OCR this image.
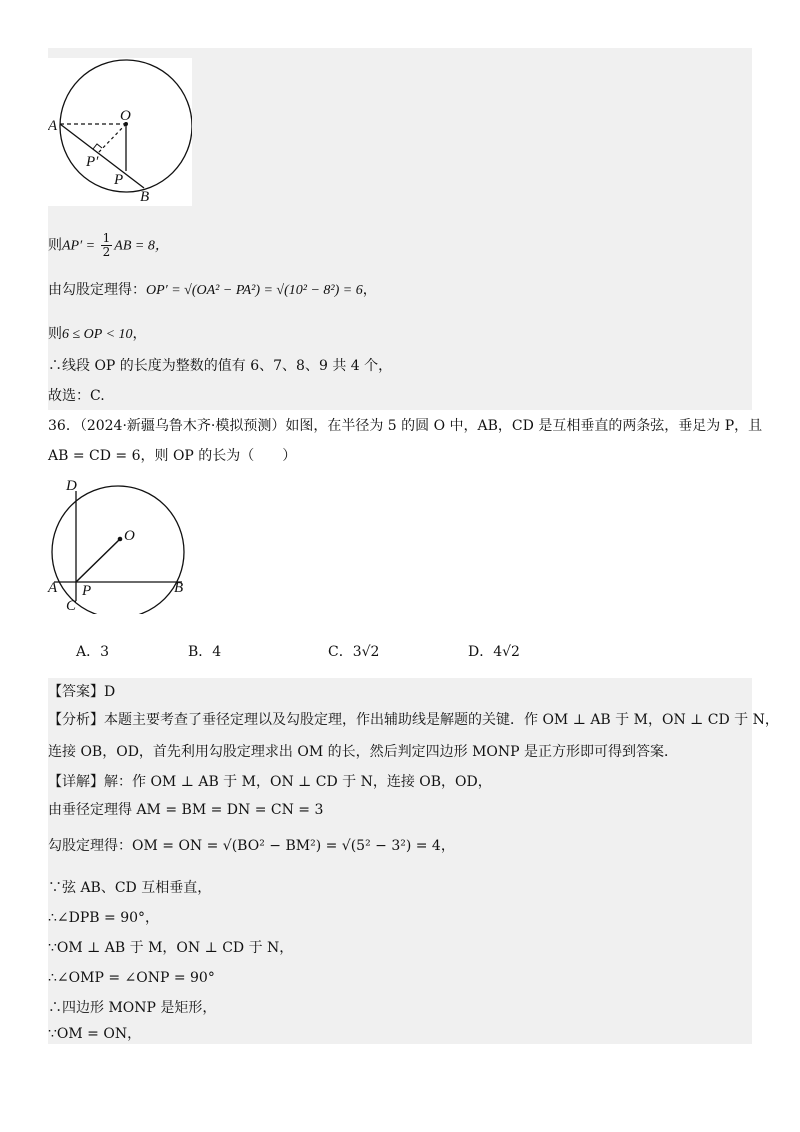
O
A
P′
P
B
则$AP' = \frac{1}{2}$ AB = 8，
由勾股定理得：OP′ = √(OA² − PA²) = √(10² − 8²) = 6，
则6 ≤ OP < 10，
∴线段 OP 的长度为整数的值有 6、7、8、9 共 4 个，
故选：C.
36．（2024·新疆乌鲁木齐·模拟预测）如图，在半径为 5 的圆 O 中，AB，CD 是互相垂直的两条弦，垂足为 P，且
AB = CD = 6，则 OP 的长为（　　）
D
O
A P	B
C
A．3	B．4	C．3√2	D．4√2
【答案】D
【分析】本题主要考查了垂径定理以及勾股定理，作出辅助线是解题的关键．作 OM ⊥ AB 于 M，ON ⊥ CD 于 N，
连接 OB，OD，首先利用勾股定理求出 OM 的长，然后判定四边形 MONP 是正方形即可得到答案．
【详解】解：作 OM ⊥ AB 于 M，ON ⊥ CD 于 N，连接 OB，OD，
由垂径定理得 AM = BM = DN = CN = 3
勾股定理得：OM = ON = √(BO² − BM²) = √(5² − 3²) = 4，
∵弦 AB、CD 互相垂直，
∴∠DPB = 90°，
∵OM ⊥ AB 于 M，ON ⊥ CD 于 N，
∴∠OMP = ∠ONP = 90°
∴四边形 MONP 是矩形，
∵OM = ON，
